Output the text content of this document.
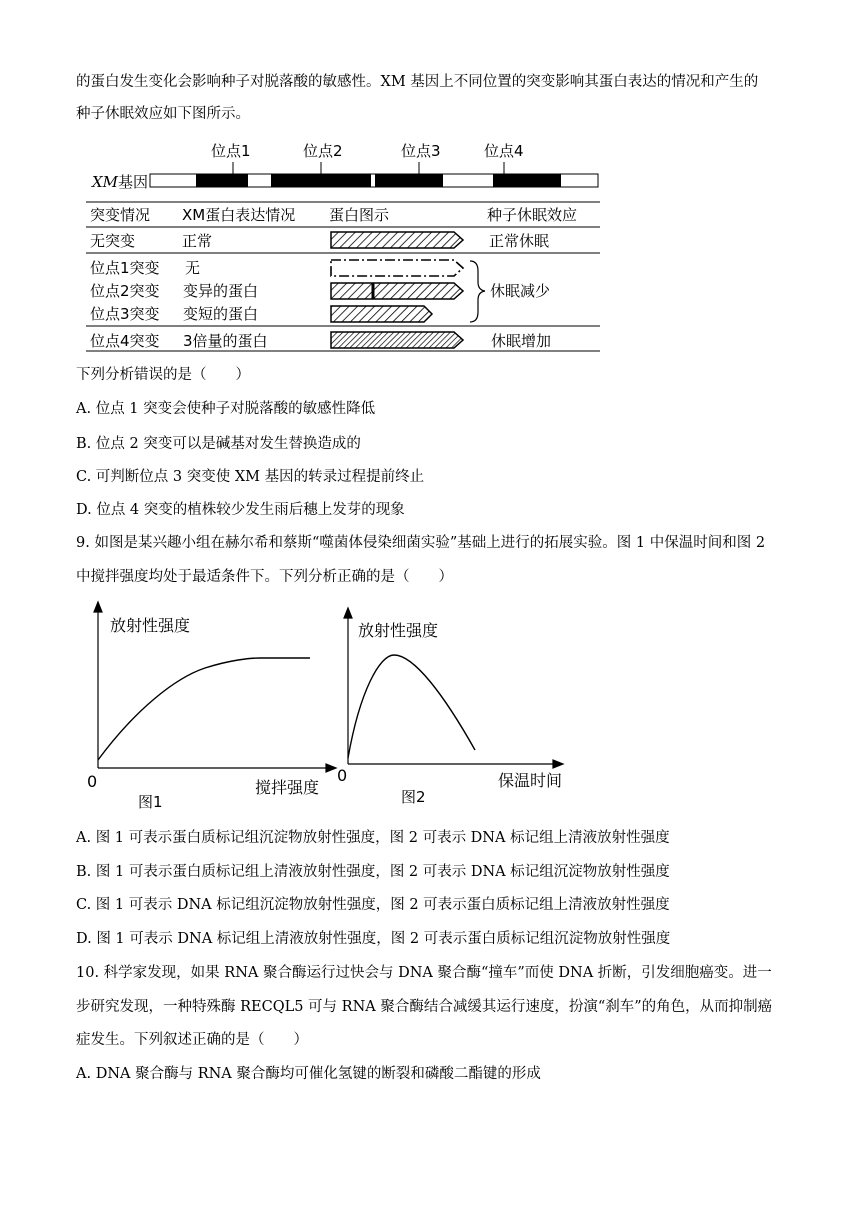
的蛋白发生变化会影响种子对脱落酸的敏感性。XM 基因上不同位置的突变影响其蛋白表达的情况和产生的
种子休眠效应如下图所示。
位点1	位点2	位点3	位点4
XM基因
突变情况 XM蛋白表达情况 蛋白图示	种子休眠效应
无突变	正常	正常休眠
位点1突变 无
位点2突变 变异的蛋白
位点3突变 变短的蛋白
休眠减少
位点4突变 3倍量的蛋白	休眠增加
下列分析错误的是（　　）
A. 位点 1 突变会使种子对脱落酸的敏感性降低
B. 位点 2 突变可以是碱基对发生替换造成的
C. 可判断位点 3 突变使 XM 基因的转录过程提前终止
D. 位点 4 突变的植株较少发生雨后穗上发芽的现象
9. 如图是某兴趣小组在赫尔希和蔡斯“噬菌体侵染细菌实验”基础上进行的拓展实验。图 1 中保温时间和图 2
中搅拌强度均处于最适条件下。下列分析正确的是（　　）
放射性强度
0	搅拌强度
图1
放射性强度
0	保温时间
图2
A. 图 1 可表示蛋白质标记组沉淀物放射性强度，图 2 可表示 DNA 标记组上清液放射性强度
B. 图 1 可表示蛋白质标记组上清液放射性强度，图 2 可表示 DNA 标记组沉淀物放射性强度
C. 图 1 可表示 DNA 标记组沉淀物放射性强度，图 2 可表示蛋白质标记组上清液放射性强度
D. 图 1 可表示 DNA 标记组上清液放射性强度，图 2 可表示蛋白质标记组沉淀物放射性强度
10. 科学家发现，如果 RNA 聚合酶运行过快会与 DNA 聚合酶“撞车”而使 DNA 折断，引发细胞癌变。进一
步研究发现，一种特殊酶 RECQL5 可与 RNA 聚合酶结合减缓其运行速度，扮演“刹车”的角色，从而抑制癌
症发生。下列叙述正确的是（　　）
A. DNA 聚合酶与 RNA 聚合酶均可催化氢键的断裂和磷酸二酯键的形成
